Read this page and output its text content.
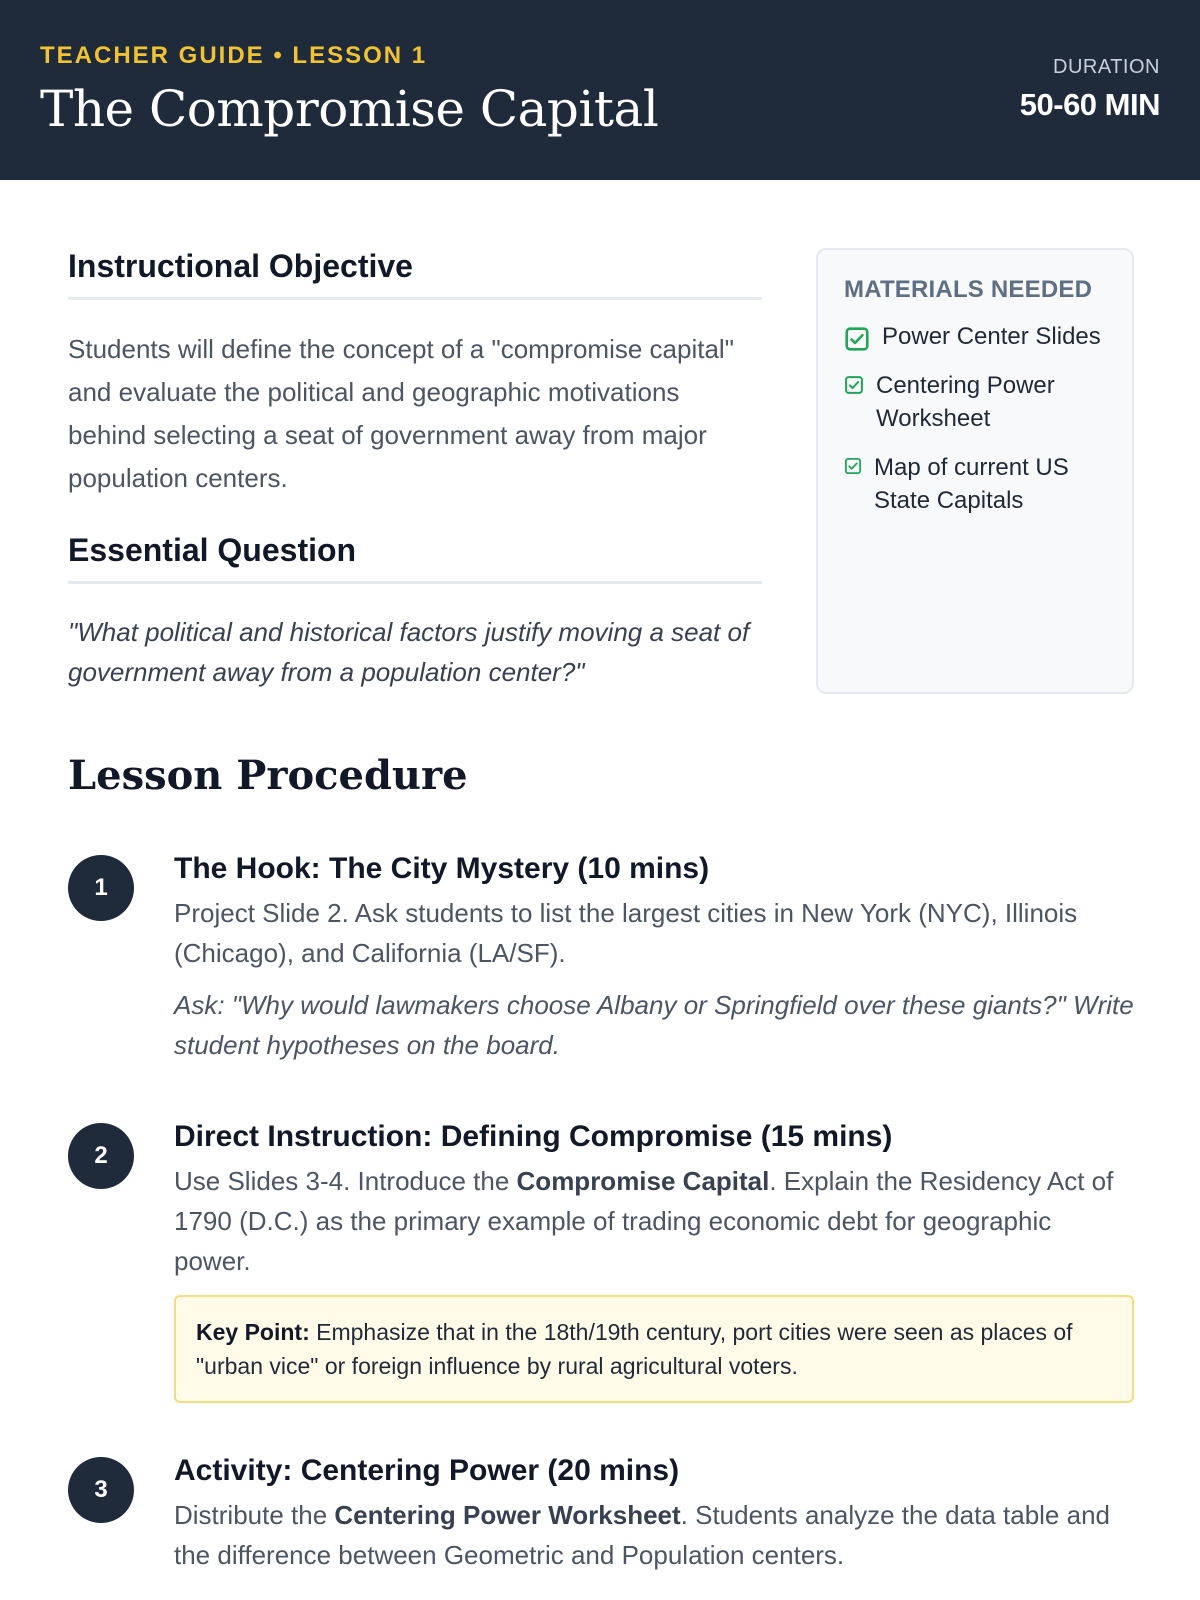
TEACHER GUIDE • LESSON 1
The Compromise Capital
DURATION
50-60 MIN
Instructional Objective

Students will define the concept of a "compromise capital" and evaluate the political and geographic motivations behind selecting a seat of government away from major population centers.

Essential Question

"What political and historical factors justify moving a seat of government away from a population center?"

MATERIALS NEEDED
Power Center Slides
Centering Power Worksheet
Map of current US State Capitals
Lesson Procedure
1
The Hook: The City Mystery (10 mins)

Project Slide 2. Ask students to list the largest cities in New York (NYC), Illinois (Chicago), and California (LA/SF).

Ask: "Why would lawmakers choose Albany or Springfield over these giants?" Write student hypotheses on the board.

2
Direct Instruction: Defining Compromise (15 mins)

Use Slides 3-4. Introduce the Compromise Capital. Explain the Residency Act of 1790 (D.C.) as the primary example of trading economic debt for geographic power.

Key Point: Emphasize that in the 18th/19th century, port cities were seen as places of "urban vice" or foreign influence by rural agricultural voters.
3
Activity: Centering Power (20 mins)

Distribute the Centering Power Worksheet. Students analyze the data table and the difference between Geometric and Population centers.
